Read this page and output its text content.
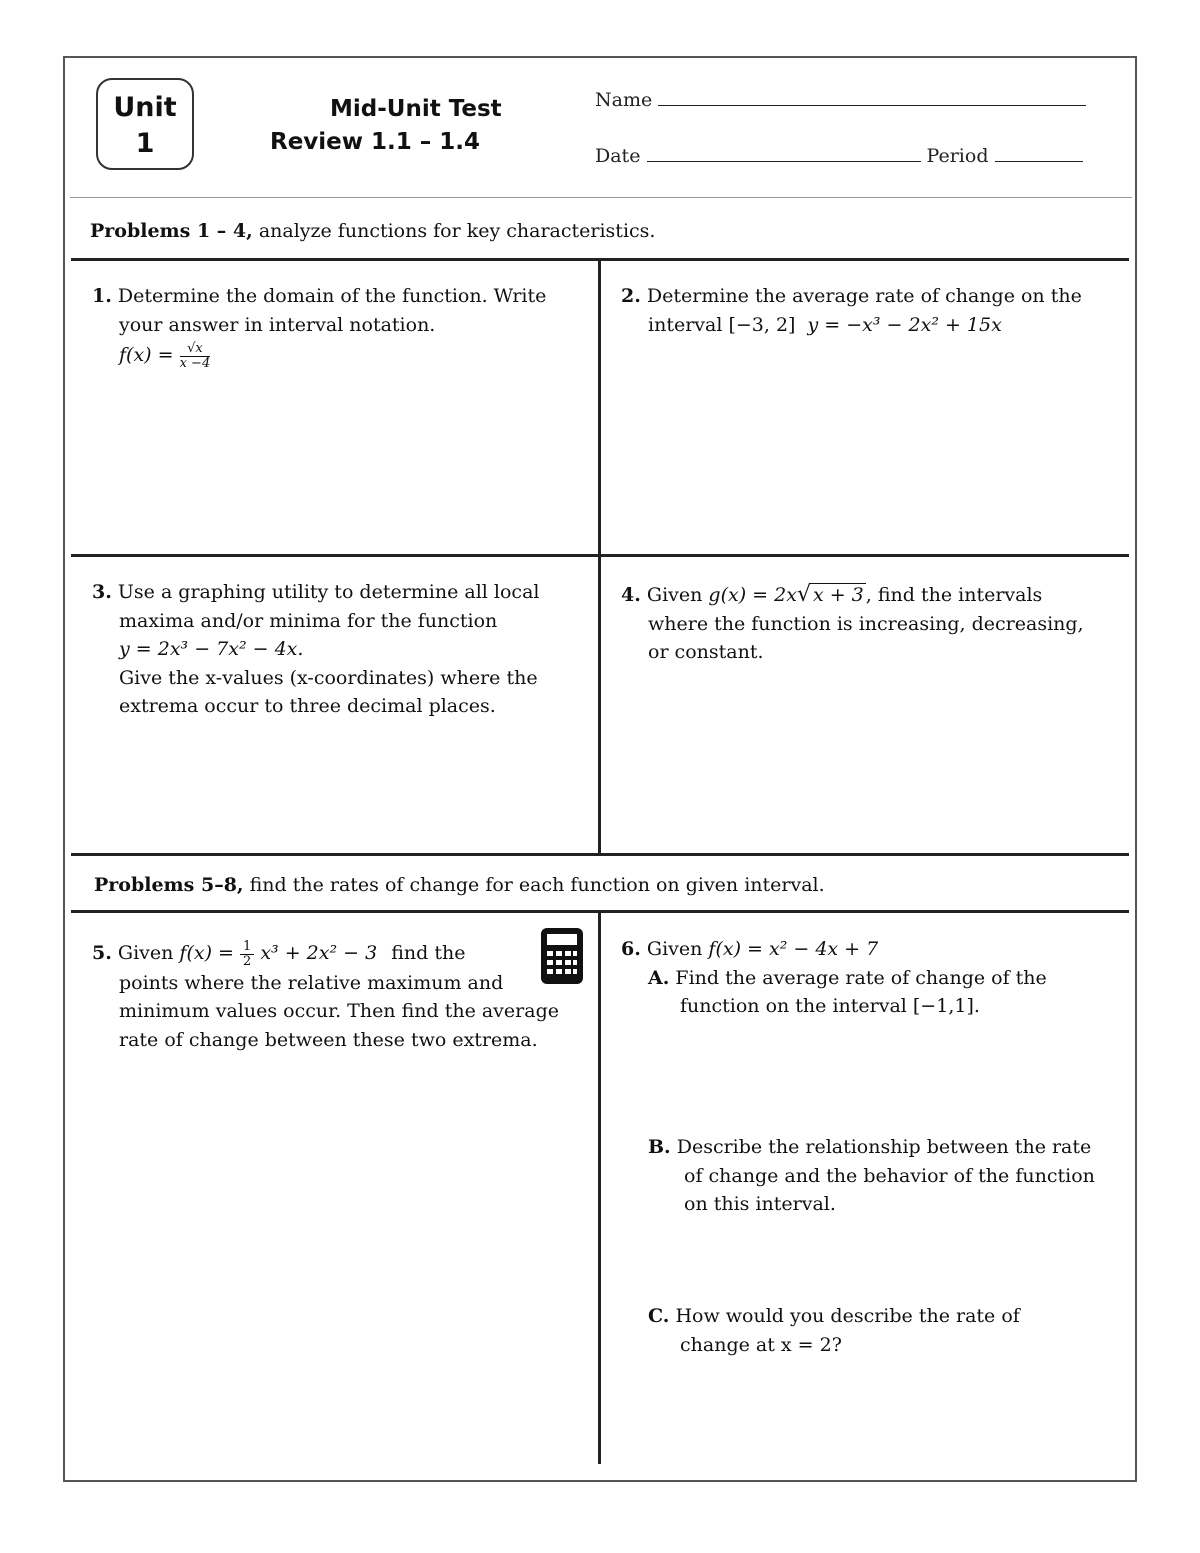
Unit
1
Mid-Unit Test
Review 1.1 – 1.4
Name
Date	Period
Problems 1 – 4, analyze functions for key characteristics.
1. Determine the domain of the function. Write
your answer in interval notation.
$f(x) = \frac{√x}{x -4}$
2. Determine the average rate of change on the
interval [−3, 2] y = −x³ − 2x² + 15x
3. Use a graphing utility to determine all local
maxima and/or minima for the function
y = 2x³ − 7x² − 4x.
Give the x-values (x-coordinates) where the
extrema occur to three decimal places.
4. Given g(x) = 2x√ x + 3 , find the intervals
where the function is increasing, decreasing,
or constant.
Problems 5–8, find the rates of change for each function on given interval.
5. Given $f(x) = \frac{1}{2} x^3 + 2x^2 - 3$ find the
points where the relative maximum and
minimum values occur. Then find the average
rate of change between these two extrema.
6. Given f(x) = x² − 4x + 7
A. Find the average rate of change of the
function on the interval [−1,1].
B. Describe the relationship between the rate
of change and the behavior of the function
on this interval.
C. How would you describe the rate of
change at x = 2?
